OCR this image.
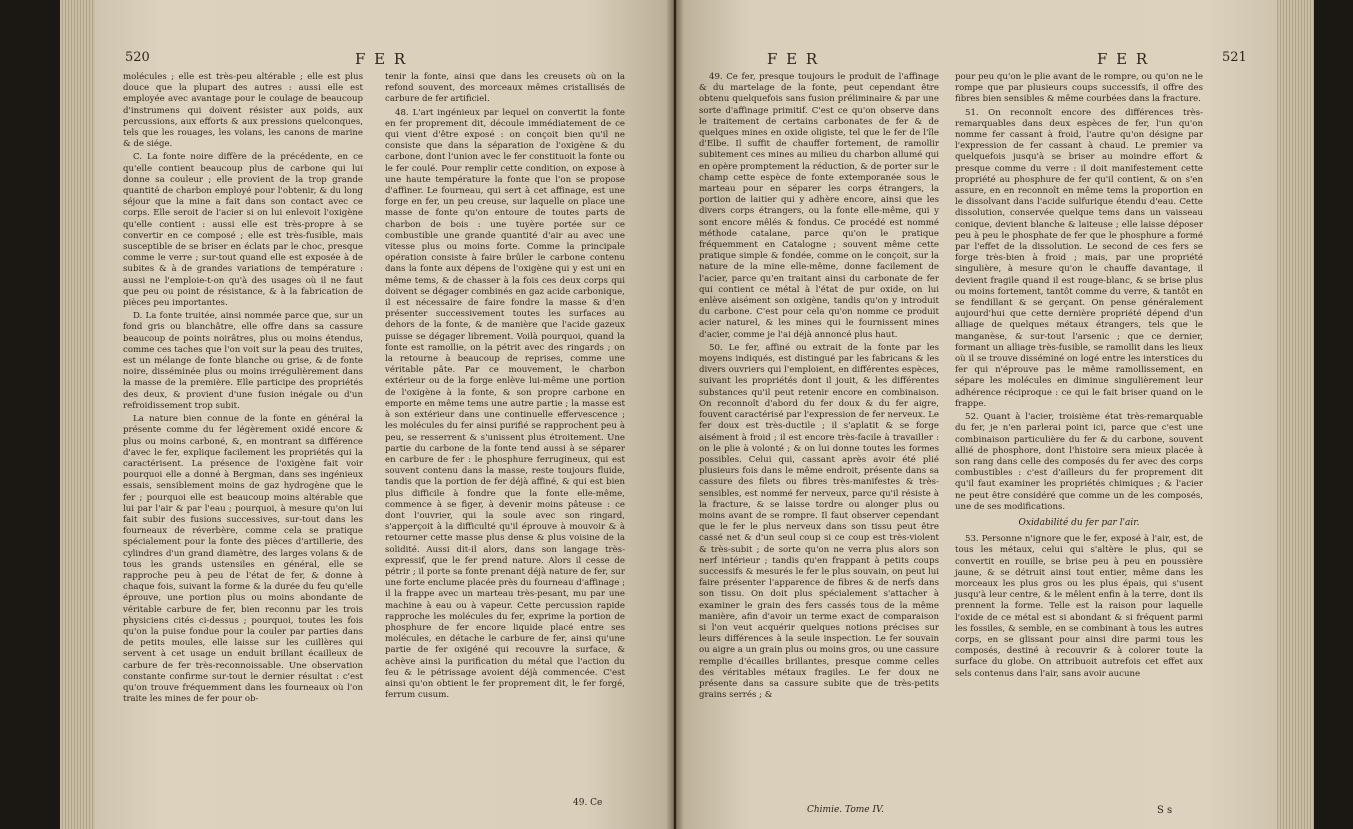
520	F E R

molécules ; elle est très-peu altérable ; elle est plus douce que la plupart des autres : aussi elle est employée avec avantage pour le coulage de beaucoup d'instrumens qui doivent résister aux poids, aux percussions, aux efforts & aux pressions quelconques, tels que les rouages, les volans, les canons de marine & de siége.

C. La fonte noire diffère de la précédente, en ce qu'elle contient beaucoup plus de carbone qui lui donne sa couleur ; elle provient de la trop grande quantité de charbon employé pour l'obtenir, & du long séjour que la mine a fait dans son contact avec ce corps. Elle seroit de l'acier si on lui enlevoit l'oxigène qu'elle contient : aussi elle est très-propre à se convertir en ce composé ; elle est très-fusible, mais susceptible de se briser en éclats par le choc, presque comme le verre ; sur-tout quand elle est exposée à de subites & à de grandes variations de température : aussi ne l'emploie-t-on qu'à des usages où il ne faut que peu ou point de résistance, & à la fabrication de pièces peu importantes.

D. La fonte truitée, ainsi nommée parce que, sur un fond gris ou blanchâtre, elle offre dans sa cassure beaucoup de points noirâtres, plus ou moins étendus, comme ces taches que l'on voit sur la peau des truites, est un mélange de fonte blanche ou grise, & de fonte noire, disséminée plus ou moins irrégulièrement dans la masse de la première. Elle participe des propriétés des deux, & provient d'une fusion inégale ou d'un refroidissement trop subit.

La nature bien connue de la fonte en général la présente comme du fer légèrement oxidé encore & plus ou moins carboné, &, en montrant sa différence d'avec le fer, explique facilement les propriétés qui la caractérisent. La présence de l'oxigène fait voir pourquoi elle a donné à Bergman, dans ses ingénieux essais, sensiblement moins de gaz hydrogène que le fer ; pourquoi elle est beaucoup moins altérable que lui par l'air & par l'eau ; pourquoi, à mesure qu'on lui fait subir des fusions successives, sur-tout dans les fourneaux de réverbère, comme cela se pratique spécialement pour la fonte des pièces d'artillerie, des cylindres d'un grand diamètre, des larges volans & de tous les grands ustensiles en général, elle se rapproche peu à peu de l'état de fer, & donne à chaque fois, suivant la forme & la durée du feu qu'elle éprouve, une portion plus ou moins abondante de véritable carbure de fer, bien reconnu par les trois physiciens cités ci-dessus ; pourquoi, toutes les fois qu'on la puise fondue pour la couler par parties dans de petits moules, elle laisse sur les cuillères qui servent à cet usage un enduit brillant écailleux de carbure de fer très-reconnoissable. Une observation constante confirme sur-tout le dernier résultat : c'est qu'on trouve fréquemment dans les fourneaux où l'on traite les mines de fer pour ob-

tenir la fonte, ainsi que dans les creusets où on la refond souvent, des morceaux mêmes cristallisés de carbure de fer artificiel.

48. L'art ingénieux par lequel on convertit la fonte en fer proprement dit, découle immédiatement de ce qui vient d'être exposé : on conçoit bien qu'il ne consiste que dans la séparation de l'oxigène & du carbone, dont l'union avec le fer constituoit la fonte ou le fer coulé. Pour remplir cette condition, on expose à une haute température la fonte que l'on se propose d'affiner. Le fourneau, qui sert à cet affinage, est une forge en fer, un peu creuse, sur laquelle on place une masse de fonte qu'on entoure de toutes parts de charbon de bois : une tuyère portée sur ce combustible une grande quantité d'air au avec une vitesse plus ou moins forte. Comme la principale opération consiste à faire brûler le carbone contenu dans la fonte aux dépens de l'oxigène qui y est uni en même tems, & de chasser à la fois ces deux corps qui doivent se dégager combinés en gaz acide carbonique, il est nécessaire de faire fondre la masse & d'en présenter successivement toutes les surfaces au dehors de la fonte, & de manière que l'acide gazeux puisse se dégager librement. Voilà pourquoi, quand la fonte est ramollie, on la pétrit avec des ringards ; on la retourne à beaucoup de reprises, comme une véritable pâte. Par ce mouvement, le charbon extérieur ou de la forge enlève lui-même une portion de l'oxigène à la fonte, & son propre carbone en emporte en même tems une autre partie ; la masse est à son extérieur dans une continuelle effervescence ; les molécules du fer ainsi purifié se rapprochent peu à peu, se resserrent & s'unissent plus étroitement. Une partie du carbone de la fonte tend aussi à se séparer en carbure de fer : le phosphure ferrugineux, qui est souvent contenu dans la masse, reste toujours fluide, tandis que la portion de fer déjà affiné, & qui est bien plus difficile à fondre que la fonte elle-même, commence à se figer, à devenir moins pâteuse : ce dont l'ouvrier, qui la soule avec son ringard, s'apperçoit à la difficulté qu'il éprouve à mouvoir & à retourner cette masse plus dense & plus voisine de la solidité. Aussi dit-il alors, dans son langage très-expressif, que le fer prend nature. Alors il cesse de pétrir ; il porte sa fonte prenant déjà nature de fer, sur une forte enclume placée près du fourneau d'affinage ; il la frappe avec un marteau très-pesant, mu par une machine à eau ou à vapeur. Cette percussion rapide rapproche les molécules du fer, exprime la portion de phosphure de fer encore liquide placé entre ses molécules, en détache le carbure de fer, ainsi qu'une partie de fer oxigéné qui recouvre la surface, & achève ainsi la purification du métal que l'action du feu & le pétrissage avoient déjà commencée. C'est ainsi qu'on obtient le fer proprement dit, le fer forgé, ferrum cusum.

49. Ce
F E R	F E R	521

49. Ce fer, presque toujours le produit de l'affinage & du martelage de la fonte, peut cependant être obtenu quelquefois sans fusion préliminaire & par une sorte d'affinage primitif. C'est ce qu'on observe dans le traitement de certains carbonates de fer & de quelques mines en oxide oligiste, tel que le fer de l'île d'Elbe. Il suffit de chauffer fortement, de ramollir subitement ces mines au milieu du charbon allumé qui en opère promptement la réduction, & de porter sur le champ cette espèce de fonte extemporanée sous le marteau pour en séparer les corps étrangers, la portion de laitier qui y adhère encore, ainsi que les divers corps étrangers, ou la fonte elle-même, qui y sont encore mêlés & fondus. Ce procédé est nommé méthode catalane, parce qu'on le pratique fréquemment en Catalogne ; souvent même cette pratique simple & fondée, comme on le conçoit, sur la nature de la mine elle-même, donne facilement de l'acier, parce qu'en traitant ainsi du carbonate de fer qui contient ce métal à l'état de pur oxide, on lui enlève aisément son oxigène, tandis qu'on y introduit du carbone. C'est pour cela qu'on nomme ce produit acier naturel, & les mines qui le fournissent mines d'acier, comme je l'ai déjà annoncé plus haut.

50. Le fer, affiné ou extrait de la fonte par les moyens indiqués, est distingué par les fabricans & les divers ouvriers qui l'emploient, en différentes espèces, suivant les propriétés dont il jouit, & les différentes substances qu'il peut retenir encore en combinaison. On reconnoît d'abord du fer doux & du fer aigre, fouvent caractérisé par l'expression de fer nerveux. Le fer doux est très-ductile ; il s'aplatit & se forge aisément à froid ; il est encore très-facile à travailler : on le plie à volonté ; & on lui donne toutes les formes possibles. Celui qui, cassant après avoir été plié plusieurs fois dans le même endroit, présente dans sa cassure des filets ou fibres très-manifestes & très-sensibles, est nommé fer nerveux, parce qu'il résiste à la fracture, & se laisse tordre ou alonger plus ou moins avant de se rompre. Il faut observer cependant que le fer le plus nerveux dans son tissu peut être cassé net & d'un seul coup si ce coup est très-violent & très-subit ; de sorte qu'on ne verra plus alors son nerf intérieur ; tandis qu'en frappant à petits coups successifs & mesurés le fer le plus souvain, on peut lui faire présenter l'apparence de fibres & de nerfs dans son tissu. On doit plus spécialement s'attacher à examiner le grain des fers cassés tous de la même manière, afin d'avoir un terme exact de comparaison si l'on veut acquérir quelques notions précises sur leurs différences à la seule inspection. Le fer souvain ou aigre a un grain plus ou moins gros, ou une cassure remplie d'écailles brillantes, presque comme celles des véritables métaux fragiles. Le fer doux ne présente dans sa cassure subite que de très-petits grains serrés ; &

pour peu qu'on le plie avant de le rompre, ou qu'on ne le rompe que par plusieurs coups successifs, il offre des fibres bien sensibles & même courbées dans la fracture.

51. On reconnoît encore des différences très-remarquables dans deux espèces de fer, l'un qu'on nomme fer cassant à froid, l'autre qu'on désigne par l'expression de fer cassant à chaud. Le premier va quelquefois jusqu'à se briser au moindre effort & presque comme du verre : il doit manifestement cette propriété au phosphure de fer qu'il contient, & on s'en assure, en en reconnoît en même tems la proportion en le dissolvant dans l'acide sulfurique étendu d'eau. Cette dissolution, conservée quelque tems dans un vaisseau conique, devient blanche & laiteuse ; elle laisse déposer peu à peu le phosphate de fer que le phosphure a formé par l'effet de la dissolution. Le second de ces fers se forge très-bien à froid ; mais, par une propriété singulière, à mesure qu'on le chauffe davantage, il devient fragile quand il est rouge-blanc, & se brise plus ou moins fortement, tantôt comme du verre, & tantôt en se fendillant & se gerçant. On pense généralement aujourd'hui que cette dernière propriété dépend d'un alliage de quelques métaux étrangers, tels que le manganèse, & sur-tout l'arsenic ; que ce dernier, formant un alliage très-fusible, se ramollit dans les lieux où il se trouve disséminé on logé entre les interstices du fer qui n'éprouve pas le même ramollissement, en sépare les molécules en diminue singulièrement leur adhérence réciproque : ce qui le fait briser quand on le frappe.

52. Quant à l'acier, troisième état très-remarquable du fer, je n'en parlerai point ici, parce que c'est une combinaison particulière du fer & du carbone, souvent allié de phosphore, dont l'histoire sera mieux placée à son rang dans celle des composés du fer avec des corps combustibles : c'est d'ailleurs du fer proprement dit qu'il faut examiner les propriétés chimiques ; & l'acier ne peut être considéré que comme un de les composés, une de ses modifications.

Oxidabilité du fer par l'air.

53. Personne n'ignore que le fer, exposé à l'air, est, de tous les métaux, celui qui s'altère le plus, qui se convertit en rouille, se brise peu à peu en poussière jaune, & se détruit ainsi tout entier, même dans les morceaux les plus gros ou les plus épais, qui s'usent jusqu'à leur centre, & le mêlent enfin à la terre, dont ils prennent la forme. Telle est la raison pour laquelle l'oxide de ce métal est si abondant & si fréquent parmi les fossiles, & semble, en se combinant à tous les autres corps, en se glissant pour ainsi dire parmi tous les composés, destiné à recouvrir & à colorer toute la surface du globe. On attribuoit autrefois cet effet aux sels contenus dans l'air, sans avoir aucune

Chimie. Tome IV.	S s
